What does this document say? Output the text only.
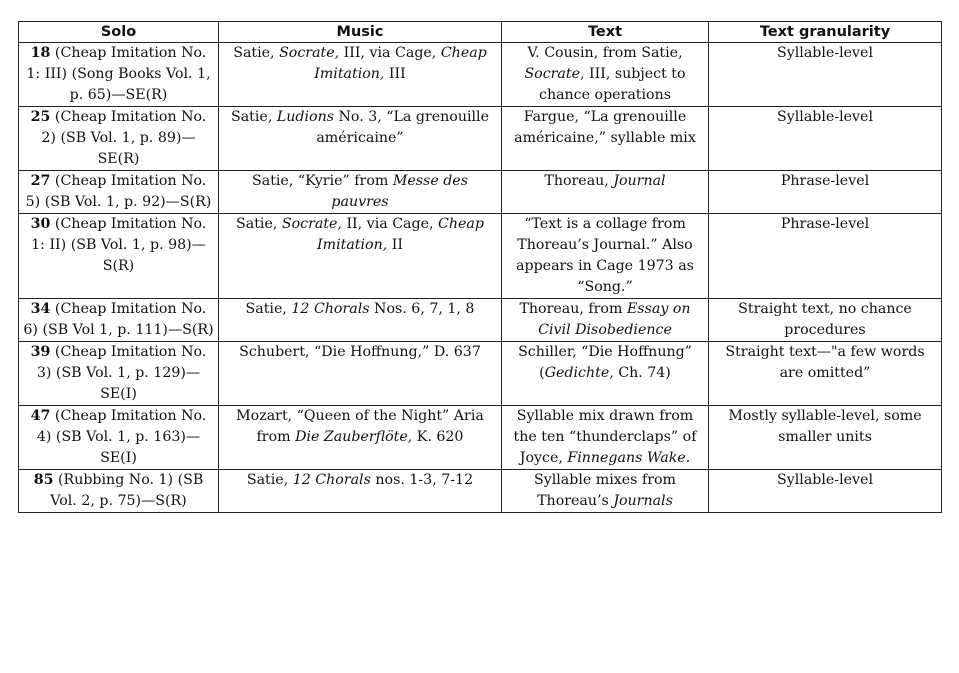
Solo	Music	Text	Text granularity
18 (Cheap Imitation No. 1: III) (Song Books Vol. 1, p. 65)—SE(R)	Satie, Socrate, III, via Cage, Cheap Imitation, III	V. Cousin, from Satie, Socrate, III, subject to chance operations	Syllable-level
25 (Cheap Imitation No. 2) (SB Vol. 1, p. 89)—SE(R)	Satie, Ludions No. 3, “La grenouille américaine”	Fargue, “La grenouille américaine,” syllable mix	Syllable-level
27 (Cheap Imitation No. 5) (SB Vol. 1, p. 92)—S(R)	Satie, “Kyrie” from Messe des pauvres	Thoreau, Journal	Phrase-level
30 (Cheap Imitation No. 1: II) (SB Vol. 1, p. 98)—S(R)	Satie, Socrate, II, via Cage, Cheap Imitation, II	“Text is a collage from Thoreau’s Journal.” Also appears in Cage 1973 as “Song.”	Phrase-level
34 (Cheap Imitation No. 6) (SB Vol 1, p. 111)—S(R)	Satie, 12 Chorals Nos. 6, 7, 1, 8	Thoreau, from Essay on Civil Disobedience	Straight text, no chance procedures
39 (Cheap Imitation No. 3) (SB Vol. 1, p. 129)—SE(I)	Schubert, “Die Hoffnung,” D. 637	Schiller, “Die Hoffnung” (Gedichte, Ch. 74)	Straight text—"a few words are omitted”
47 (Cheap Imitation No. 4) (SB Vol. 1, p. 163)—SE(I)	Mozart, “Queen of the Night” Aria from Die Zauberflöte, K. 620	Syllable mix drawn from the ten “thunderclaps” of Joyce, Finnegans Wake.	Mostly syllable-level, some smaller units
85 (Rubbing No. 1) (SB Vol. 2, p. 75)—S(R)	Satie, 12 Chorals nos. 1-3, 7-12	Syllable mixes from Thoreau’s Journals	Syllable-level
